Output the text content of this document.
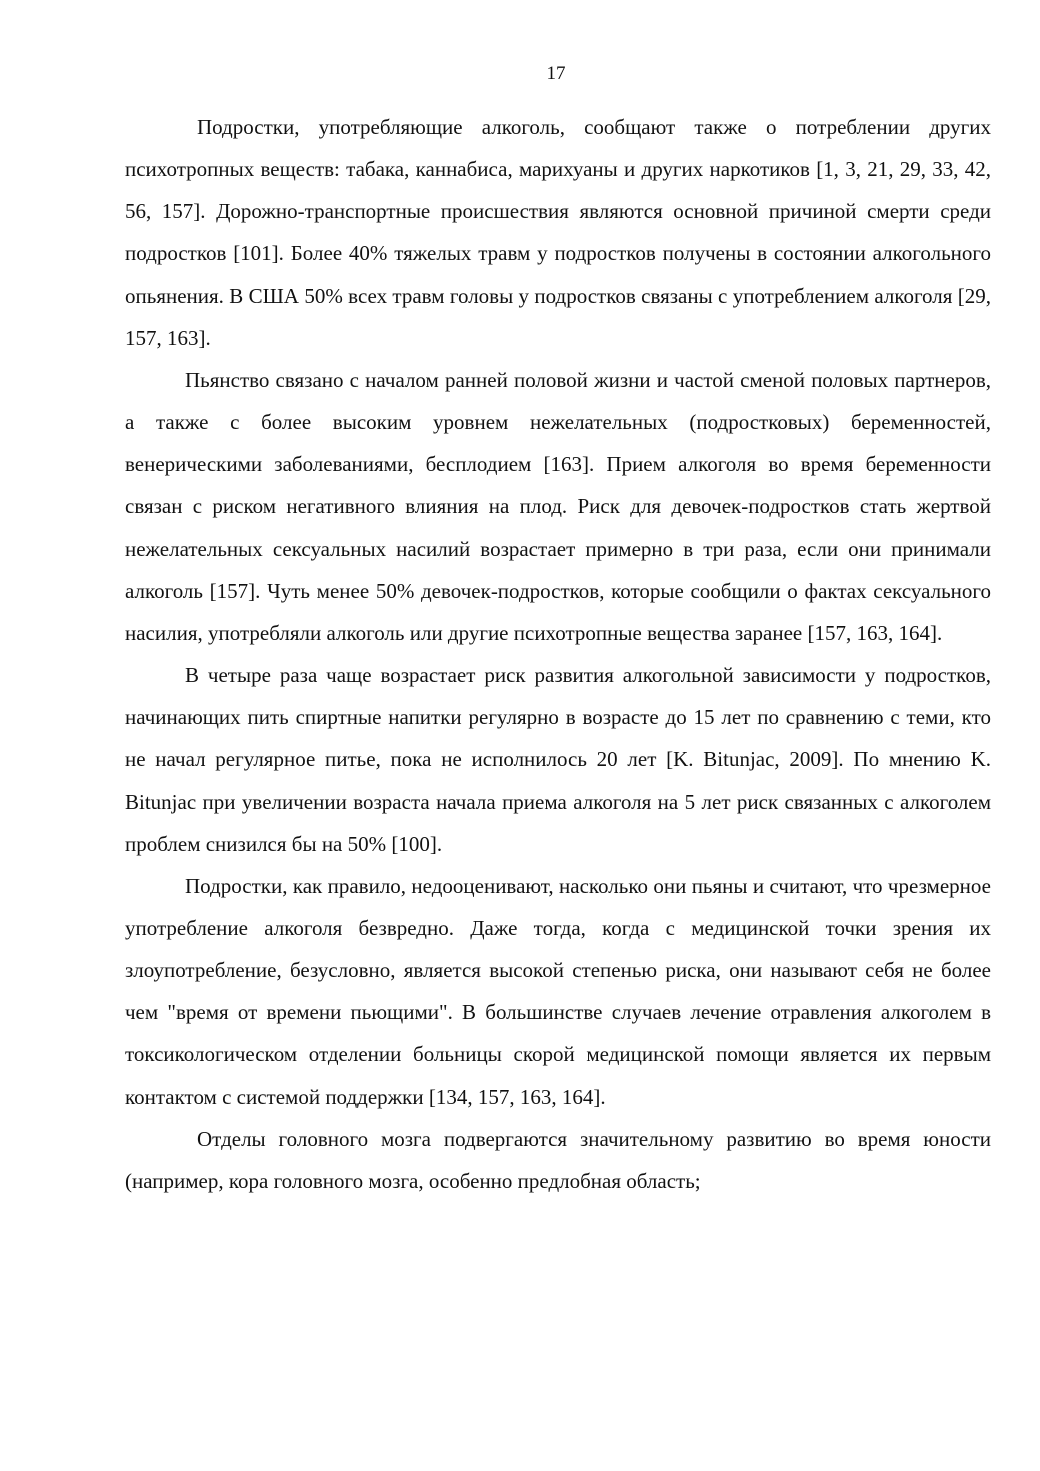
17

Подростки, употребляющие алкоголь, сообщают также о потреблении других психотропных веществ: табака, каннабиса, марихуаны и других наркотиков [1, 3, 21, 29, 33, 42, 56, 157]. Дорожно-транспортные происшествия являются основной причиной смерти среди подростков [101]. Более 40% тяжелых травм у подростков получены в состоянии алкогольного опьянения. В США 50% всех травм головы у подростков связаны с употреблением алкоголя [29, 157, 163].

Пьянство связано с началом ранней половой жизни и частой сменой половых партнеров, а также с более высоким уровнем нежелательных (подростковых) беременностей, венерическими заболеваниями, бесплодием [163]. Прием алкоголя во время беременности связан с риском негативного влияния на плод. Риск для девочек-подростков стать жертвой нежелательных сексуальных насилий возрастает примерно в три раза, если они принимали алкоголь [157]. Чуть менее 50% девочек-подростков, которые сообщили о фактах сексуального насилия, употребляли алкоголь или другие психотропные вещества заранее [157, 163, 164].

В четыре раза чаще возрастает риск развития алкогольной зависимости у подростков, начинающих пить спиртные напитки регулярно в возрасте до 15 лет по сравнению с теми, кто не начал регулярное питье, пока не исполнилось 20 лет [K. Bitunjac, 2009]. По мнению K. Bitunjac при увеличении возраста начала приема алкоголя на 5 лет риск связанных с алкоголем проблем снизился бы на 50% [100].

Подростки, как правило, недооценивают, насколько они пьяны и считают, что чрезмерное употребление алкоголя безвредно. Даже тогда, когда с медицинской точки зрения их злоупотребление, безусловно, является высокой степенью риска, они называют себя не более чем "время от времени пьющими". В большинстве случаев лечение отравления алкоголем в токсикологическом отделении больницы скорой медицинской помощи является их первым контактом с системой поддержки [134, 157, 163, 164].

Отделы головного мозга подвергаются значительному развитию во время юности (например, кора головного мозга, особенно предлобная область;
